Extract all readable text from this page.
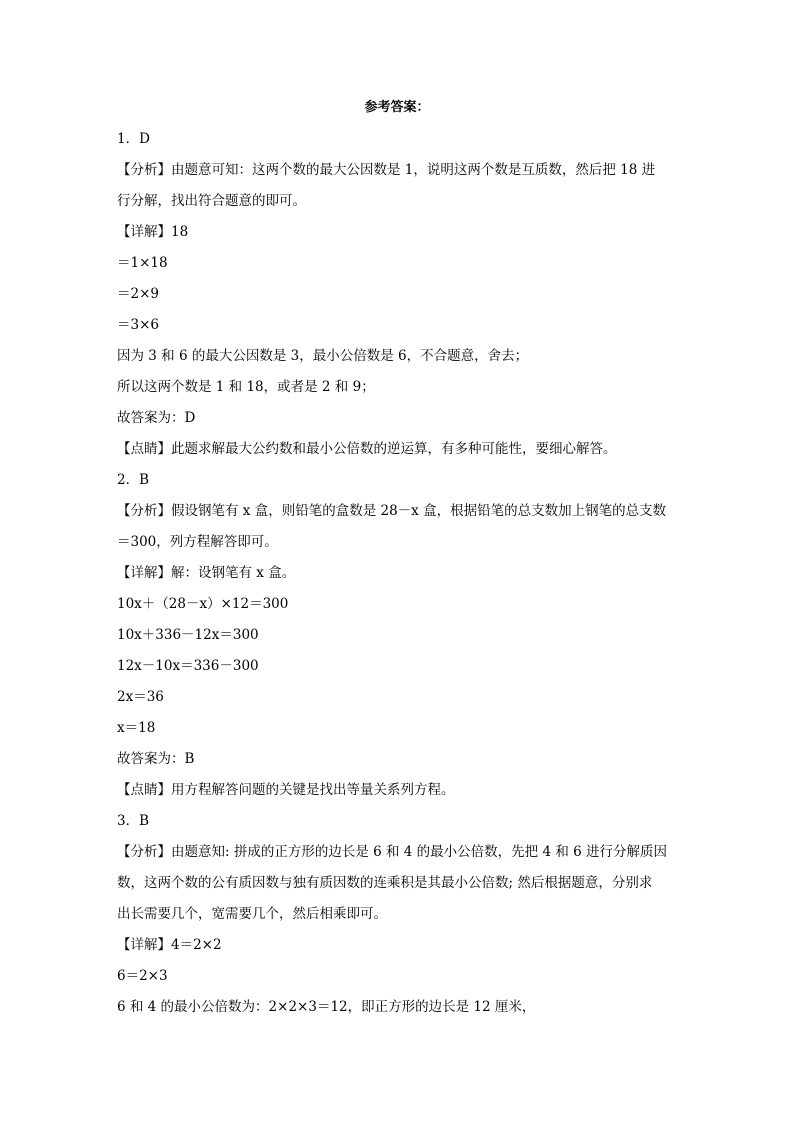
参考答案：
1．D
【分析】由题意可知：这两个数的最大公因数是 1，说明这两个数是互质数，然后把 18 进
行分解，找出符合题意的即可。
【详解】18
＝1×18
＝2×9
＝3×6
因为 3 和 6 的最大公因数是 3，最小公倍数是 6，不合题意，舍去；
所以这两个数是 1 和 18，或者是 2 和 9；
故答案为：D
【点睛】此题求解最大公约数和最小公倍数的逆运算，有多种可能性，要细心解答。
2．B
【分析】假设钢笔有 x 盒，则铅笔的盒数是 28－x 盒，根据铅笔的总支数加上钢笔的总支数
＝300，列方程解答即可。
【详解】解：设钢笔有 x 盒。
10x＋（28－x）×12＝300
10x＋336－12x＝300
12x－10x＝336－300
2x＝36
x＝18
故答案为：B
【点睛】用方程解答问题的关键是找出等量关系列方程。
3．B
【分析】由题意知: 拼成的正方形的边长是 6 和 4 的最小公倍数，先把 4 和 6 进行分解质因
数，这两个数的公有质因数与独有质因数的连乘积是其最小公倍数; 然后根据题意，分别求
出长需要几个，宽需要几个，然后相乘即可。
【详解】4＝2×2
6＝2×3
6 和 4 的最小公倍数为：2×2×3＝12，即正方形的边长是 12 厘米，
